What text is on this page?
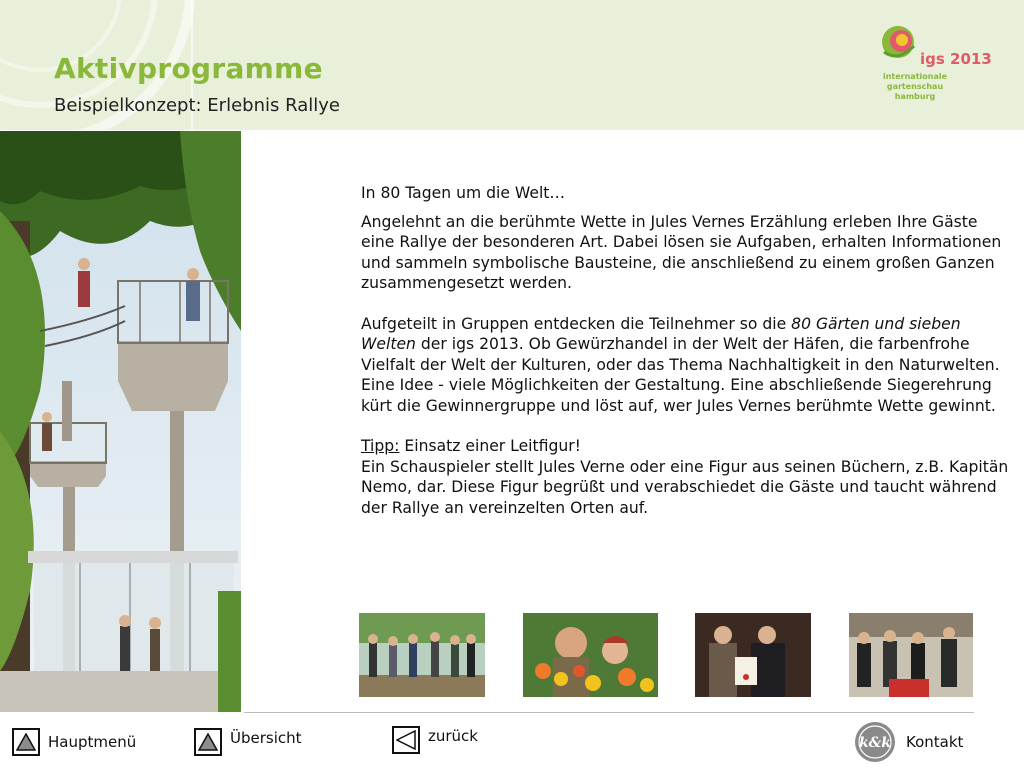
Aktivprogramme
Beispielkonzept: Erlebnis Rallye
igs 2013
internationale
gartenschau
hamburg

In 80 Tagen um die Welt…

Angelehnt an die berühmte Wette in Jules Vernes Erzählung erleben Ihre Gäste eine Rallye der besonderen Art. Dabei lösen sie Aufgaben, erhalten Informationen und sammeln symbolische Bausteine, die anschließend zu einem großen Ganzen zusammengesetzt werden.

Aufgeteilt in Gruppen entdecken die Teilnehmer so die 80 Gärten und sieben Welten der igs 2013. Ob Gewürzhandel in der Welt der Häfen, die farbenfrohe Vielfalt der Welt der Kulturen, oder das Thema Nachhaltigkeit in den Naturwelten. Eine Idee - viele Möglichkeiten der Gestaltung. Eine abschließende Siegerehrung kürt die Gewinnergruppe und löst auf, wer Jules Vernes berühmte Wette gewinnt.

Tipp: Einsatz einer Leitfigur!

Ein Schauspieler stellt Jules Verne oder eine Figur aus seinen Büchern, z.B. Kapitän Nemo, dar. Diese Figur begrüßt und verabschiedet die Gäste und taucht während der Rallye an vereinzelten Orten auf.

Hauptmenü	Übersicht	zurück	k&k Kontakt
